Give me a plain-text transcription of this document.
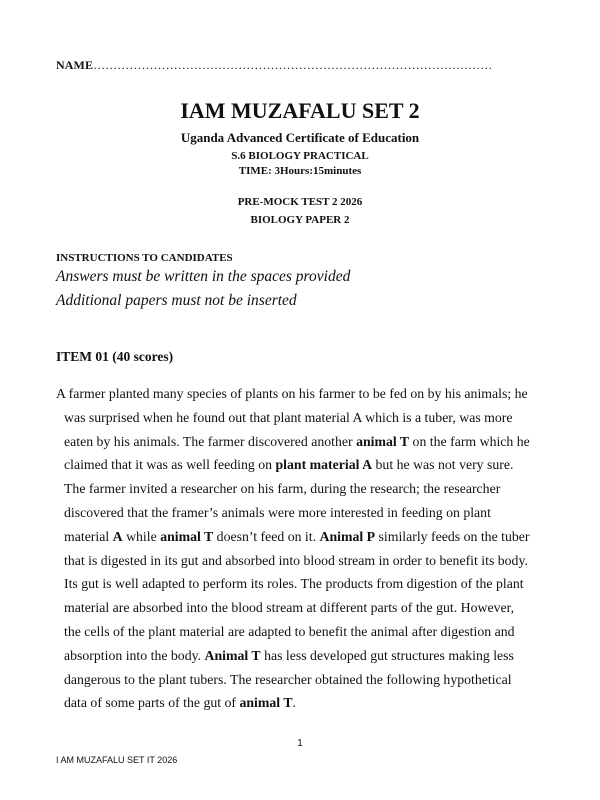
NAME………………………………………………………………………………………
IAM MUZAFALU SET 2
Uganda Advanced Certificate of Education
S.6 BIOLOGY PRACTICAL
TIME: 3Hours:15minutes
PRE-MOCK TEST 2 2026
BIOLOGY PAPER 2
INSTRUCTIONS TO CANDIDATES
Answers must be written in the spaces provided
Additional papers must not be inserted
ITEM 01 (40 scores)
A farmer planted many species of plants on his farmer to be fed on by his animals; he
was surprised when he found out that plant material A which is a tuber, was more
eaten by his animals. The farmer discovered another animal T on the farm which he
claimed that it was as well feeding on plant material A but he was not very sure.
The farmer invited a researcher on his farm, during the research; the researcher
discovered that the framer’s animals were more interested in feeding on plant
material A while animal T doesn’t feed on it. Animal P similarly feeds on the tuber
that is digested in its gut and absorbed into blood stream in order to benefit its body.
Its gut is well adapted to perform its roles. The products from digestion of the plant
material are absorbed into the blood stream at different parts of the gut. However,
the cells of the plant material are adapted to benefit the animal after digestion and
absorption into the body. Animal T has less developed gut structures making less
dangerous to the plant tubers. The researcher obtained the following hypothetical
data of some parts of the gut of animal T.
1
I AM MUZAFALU SET IT 2026
